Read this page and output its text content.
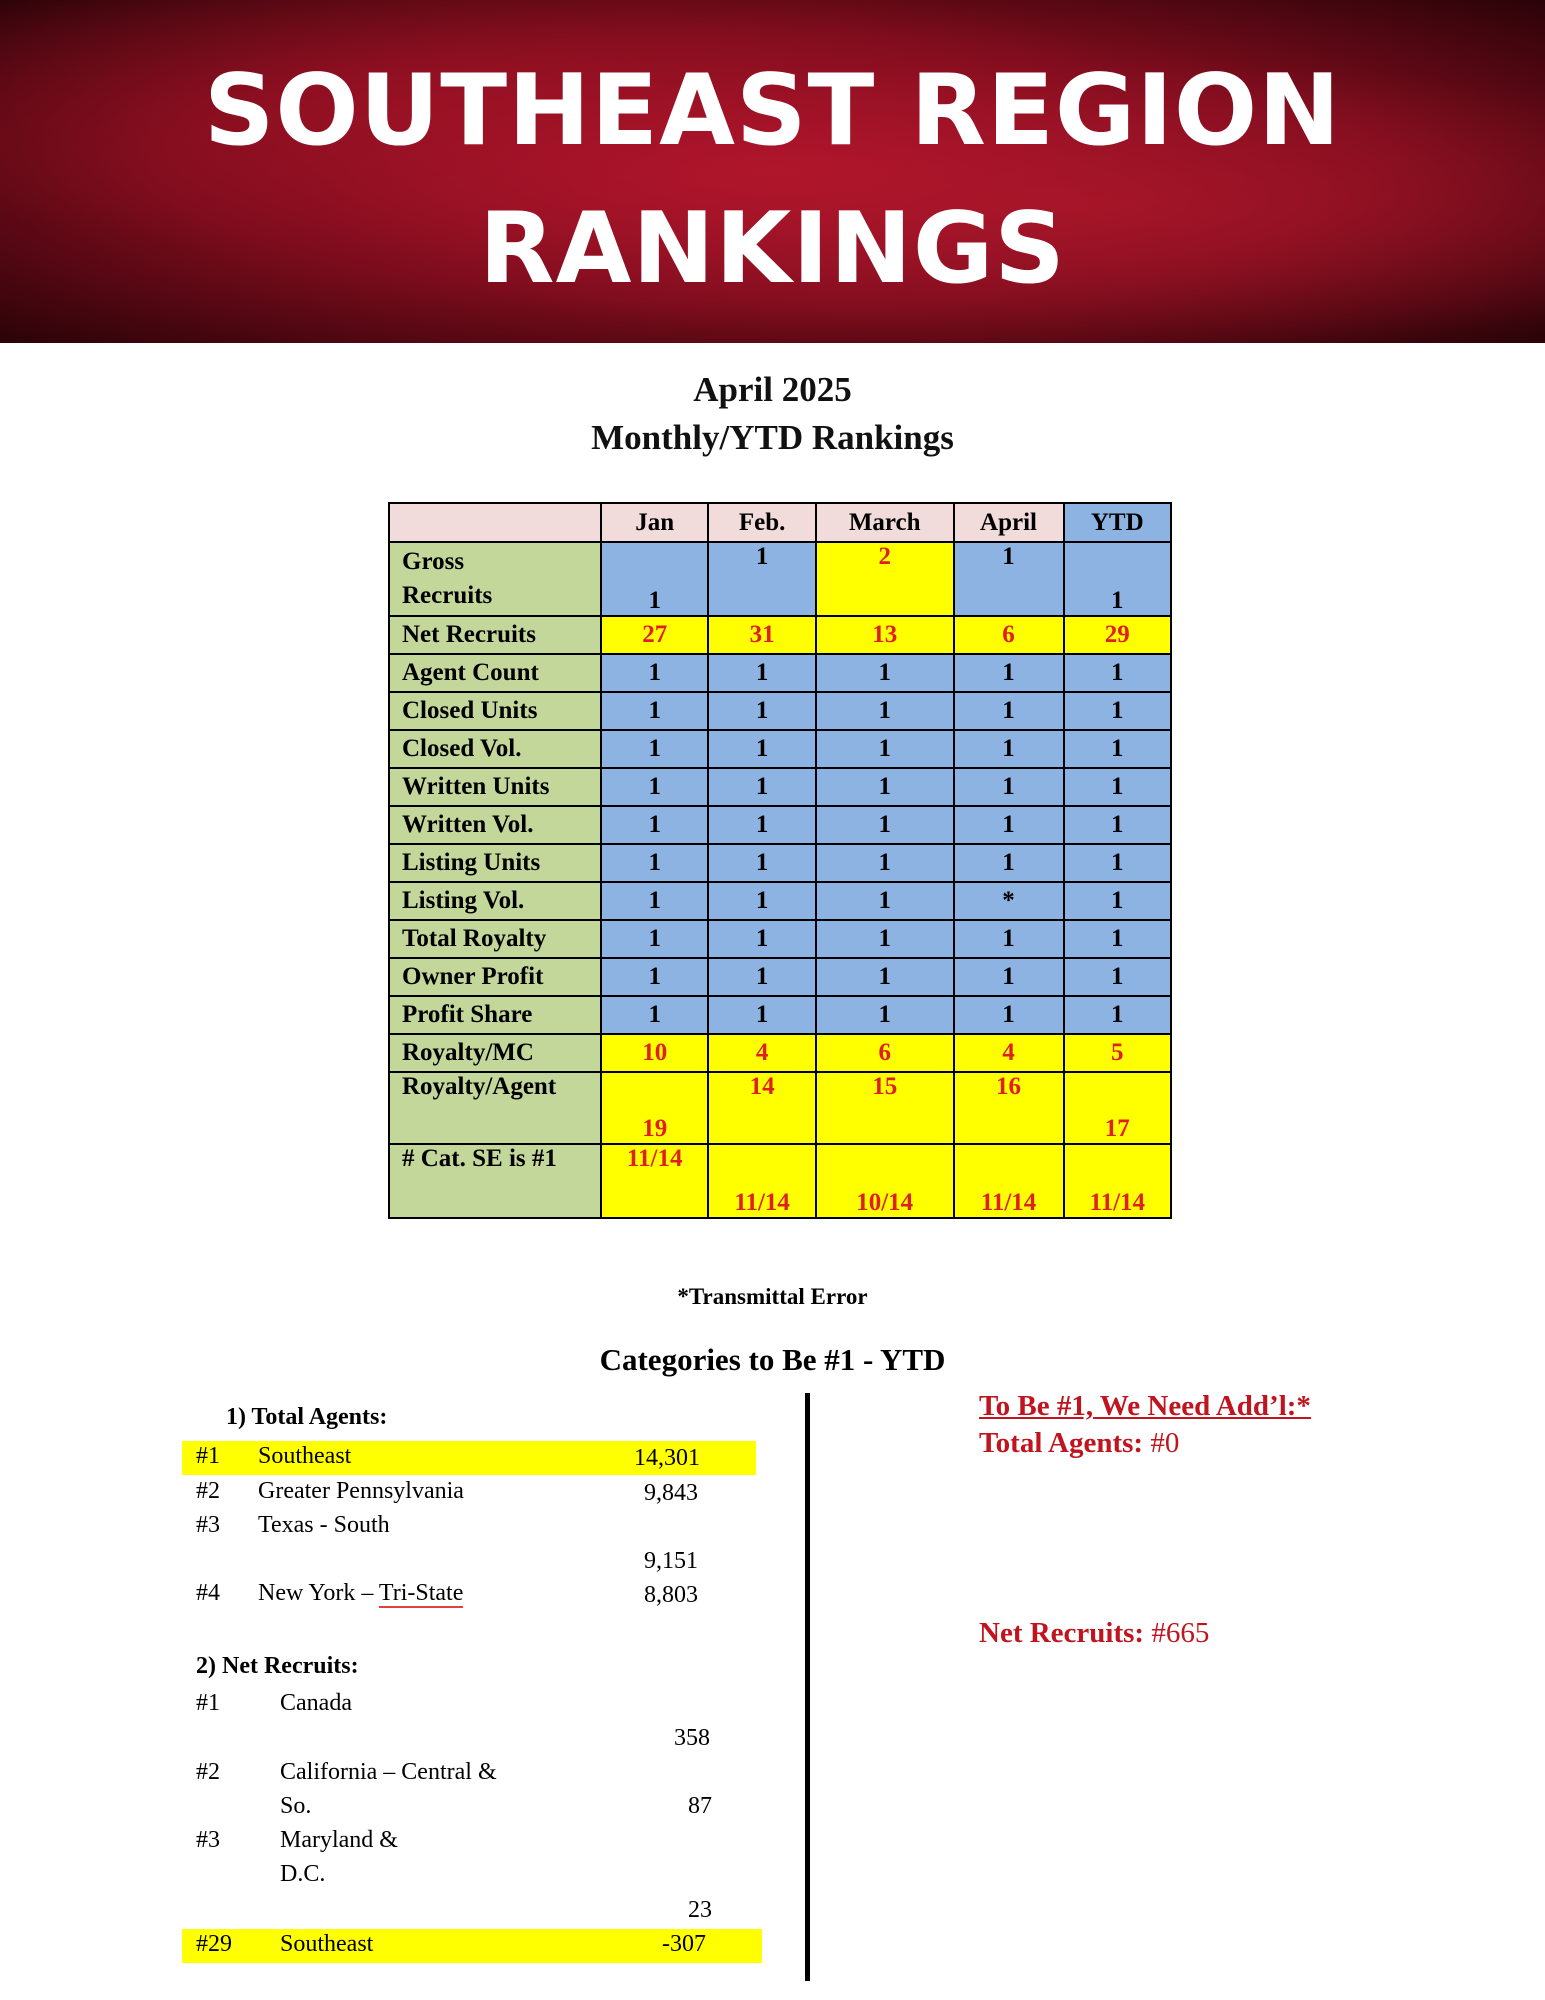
SOUTHEAST REGION
RANKINGS
April 2025
Monthly/YTD Rankings
	Jan	Feb.	March	April	YTD

Gross
Recruits	1	1	2	1	1
Net Recruits	27	31	13	6	29
Agent Count	1	1	1	1	1
Closed Units	1	1	1	1	1
Closed Vol.	1	1	1	1	1
Written Units	1	1	1	1	1
Written Vol.	1	1	1	1	1
Listing Units	1	1	1	1	1
Listing Vol.	1	1	1	*	1
Total Royalty	1	1	1	1	1
Owner Profit	1	1	1	1	1
Profit Share	1	1	1	1	1
Royalty/MC	10	4	6	4	5
Royalty/Agent	19	14	15	16	17
# Cat. SE is #1	11/14	11/14	10/14	11/14	11/14
*Transmittal Error
Categories to Be #1 - YTD
1) Total Agents:
#1 Southeast	14,301
#2 Greater Pennsylvania	9,843
#3 Texas - South
9,151
#4 New York – Tri-State	8,803
2) Net Recruits:
#1	Canada
358
#2	California – Central &
So.	87
#3	Maryland &
D.C.
23
#29 Southeast	-307
To Be #1, We Need Add’l:*
Total Agents: #0
Net Recruits: #665
